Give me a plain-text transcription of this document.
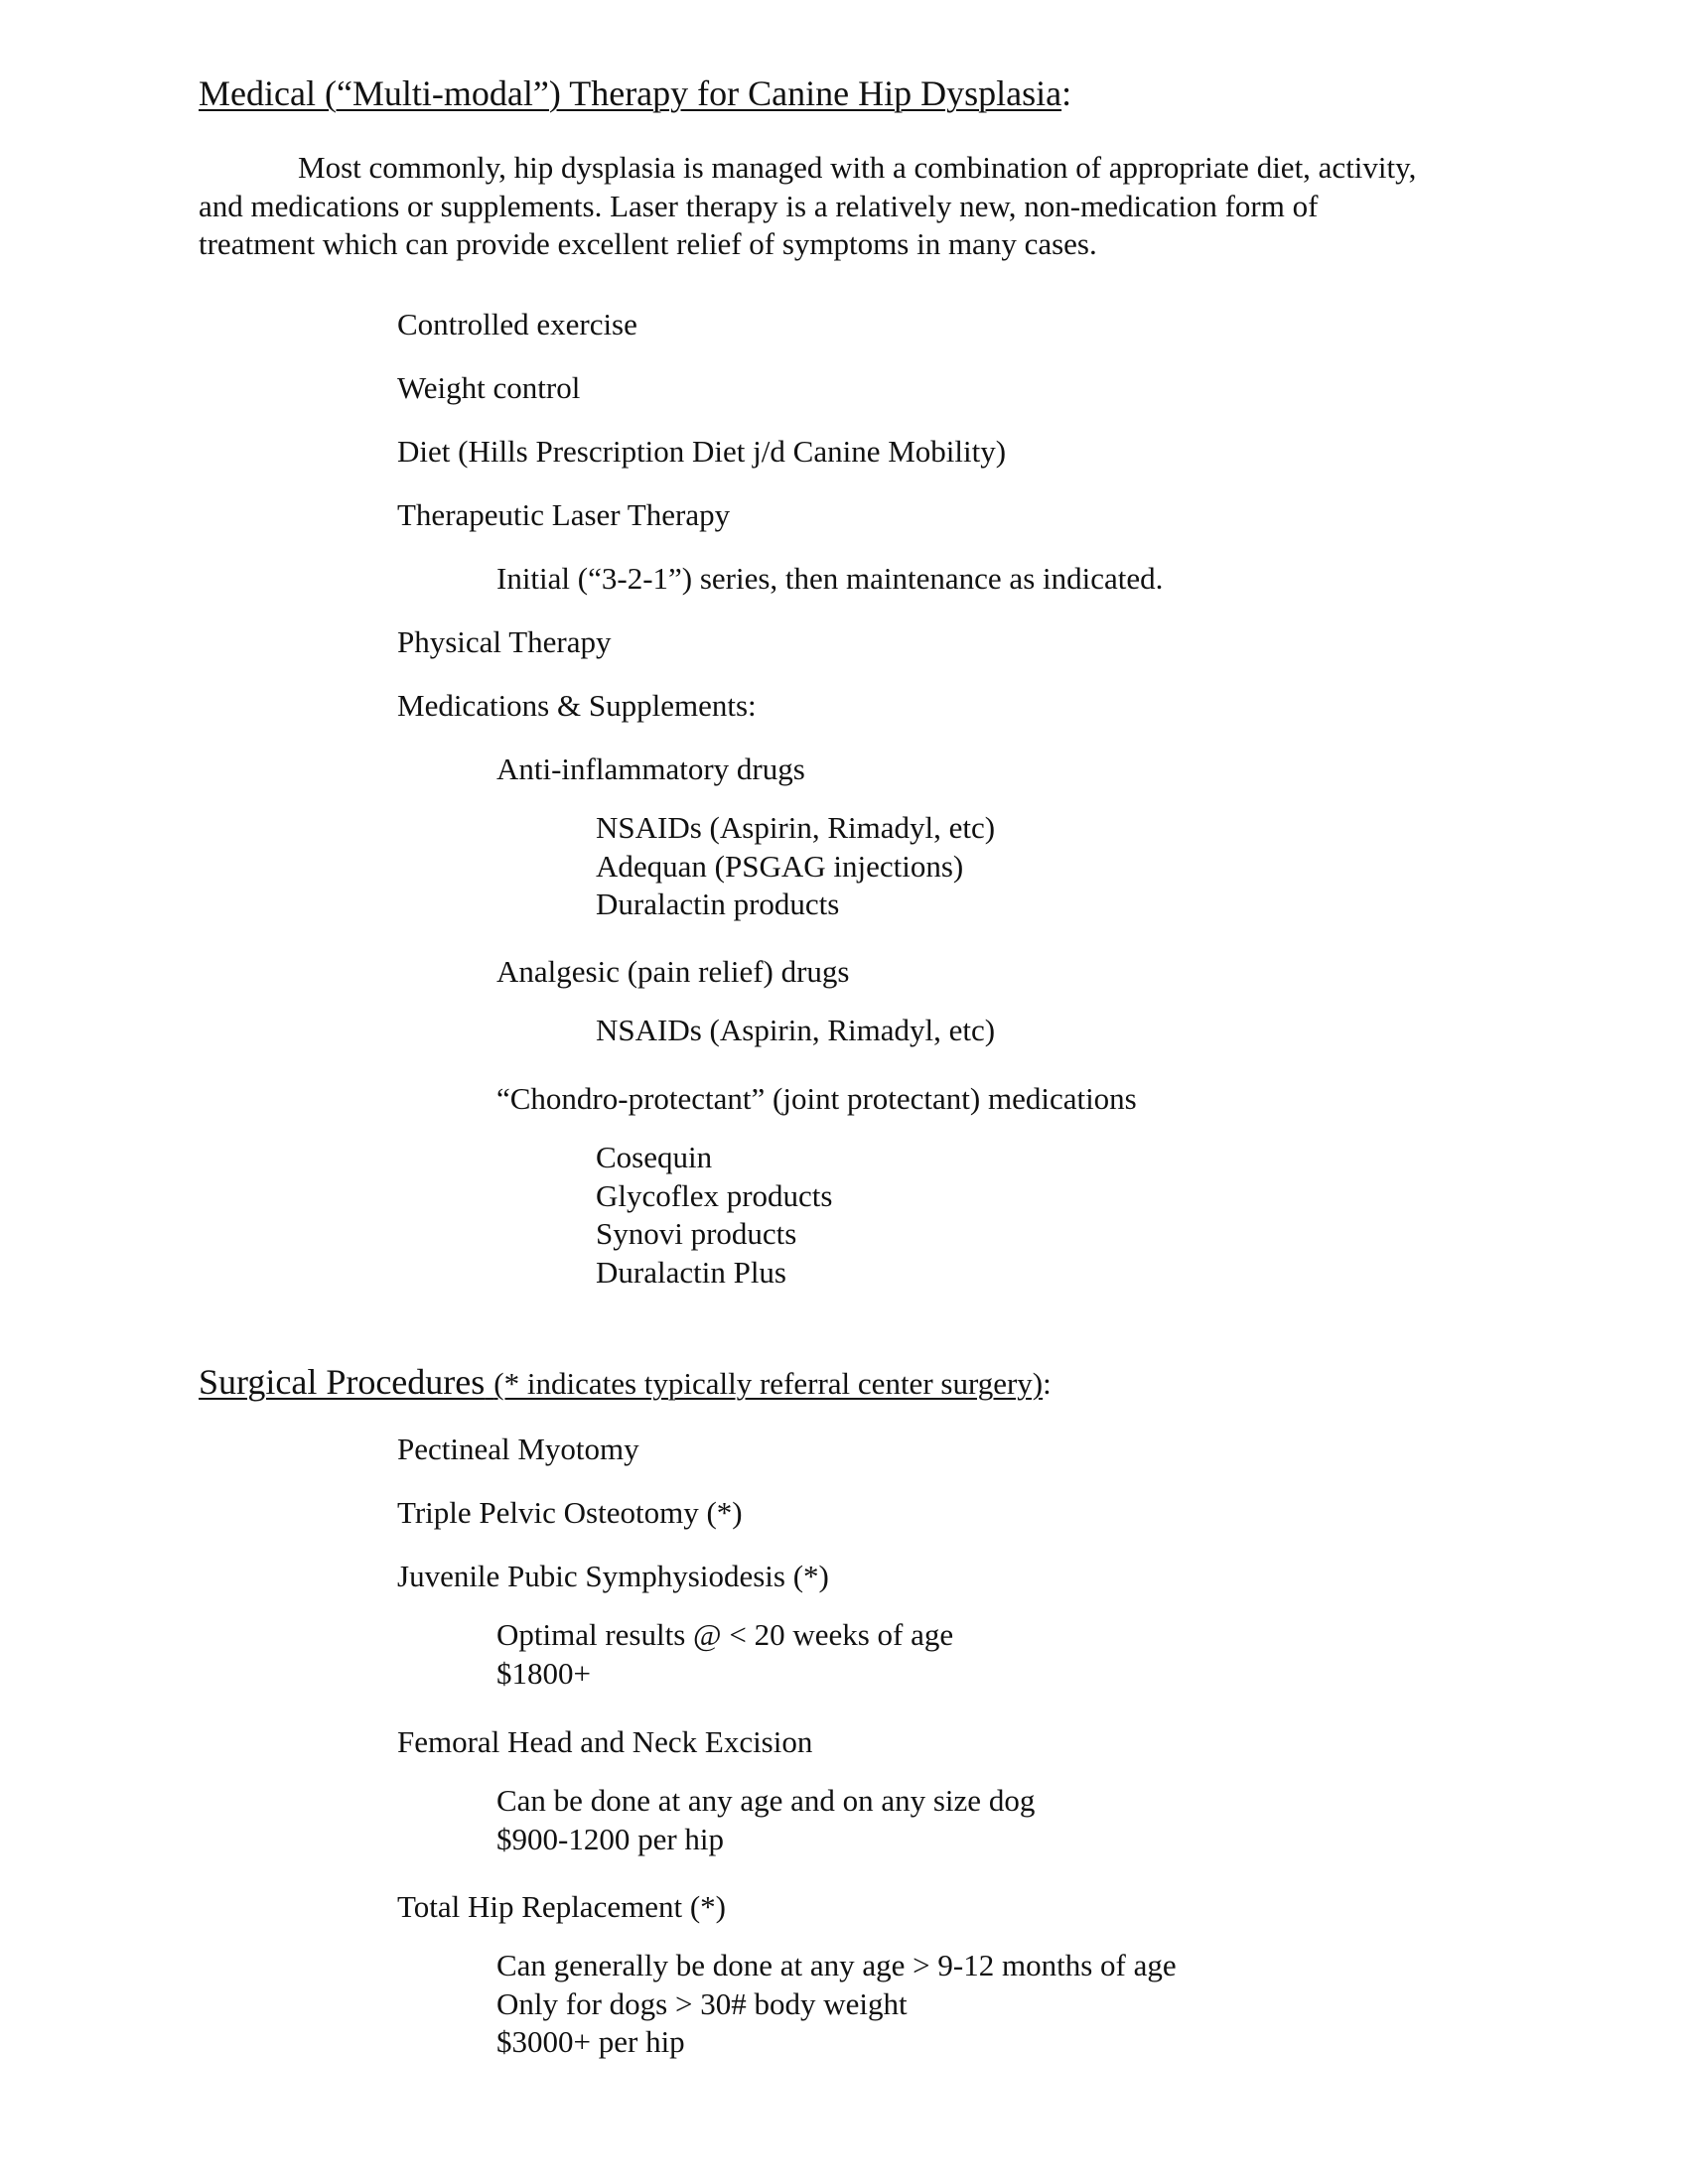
Medical (“Multi-modal”) Therapy for Canine Hip Dysplasia:

Most commonly, hip dysplasia is managed with a combination of appropriate diet, activity, and medications or supplements. Laser therapy is a relatively new, non-medication form of treatment which can provide excellent relief of symptoms in many cases.

Controlled exercise
Weight control
Diet (Hills Prescription Diet j/d Canine Mobility)
Therapeutic Laser Therapy
Initial (“3-2-1”) series, then maintenance as indicated.
Physical Therapy
Medications & Supplements:
Anti-inflammatory drugs
NSAIDs (Aspirin, Rimadyl, etc)
Adequan (PSGAG injections)
Duralactin products
Analgesic (pain relief) drugs
NSAIDs (Aspirin, Rimadyl, etc)
“Chondro-protectant” (joint protectant) medications
Cosequin
Glycoflex products
Synovi products
Duralactin Plus
Surgical Procedures (* indicates typically referral center surgery):
Pectineal Myotomy
Triple Pelvic Osteotomy (*)
Juvenile Pubic Symphysiodesis (*)
Optimal results @ < 20 weeks of age
$1800+
Femoral Head and Neck Excision
Can be done at any age and on any size dog
$900-1200 per hip
Total Hip Replacement (*)
Can generally be done at any age > 9-12 months of age
Only for dogs > 30# body weight
$3000+ per hip
